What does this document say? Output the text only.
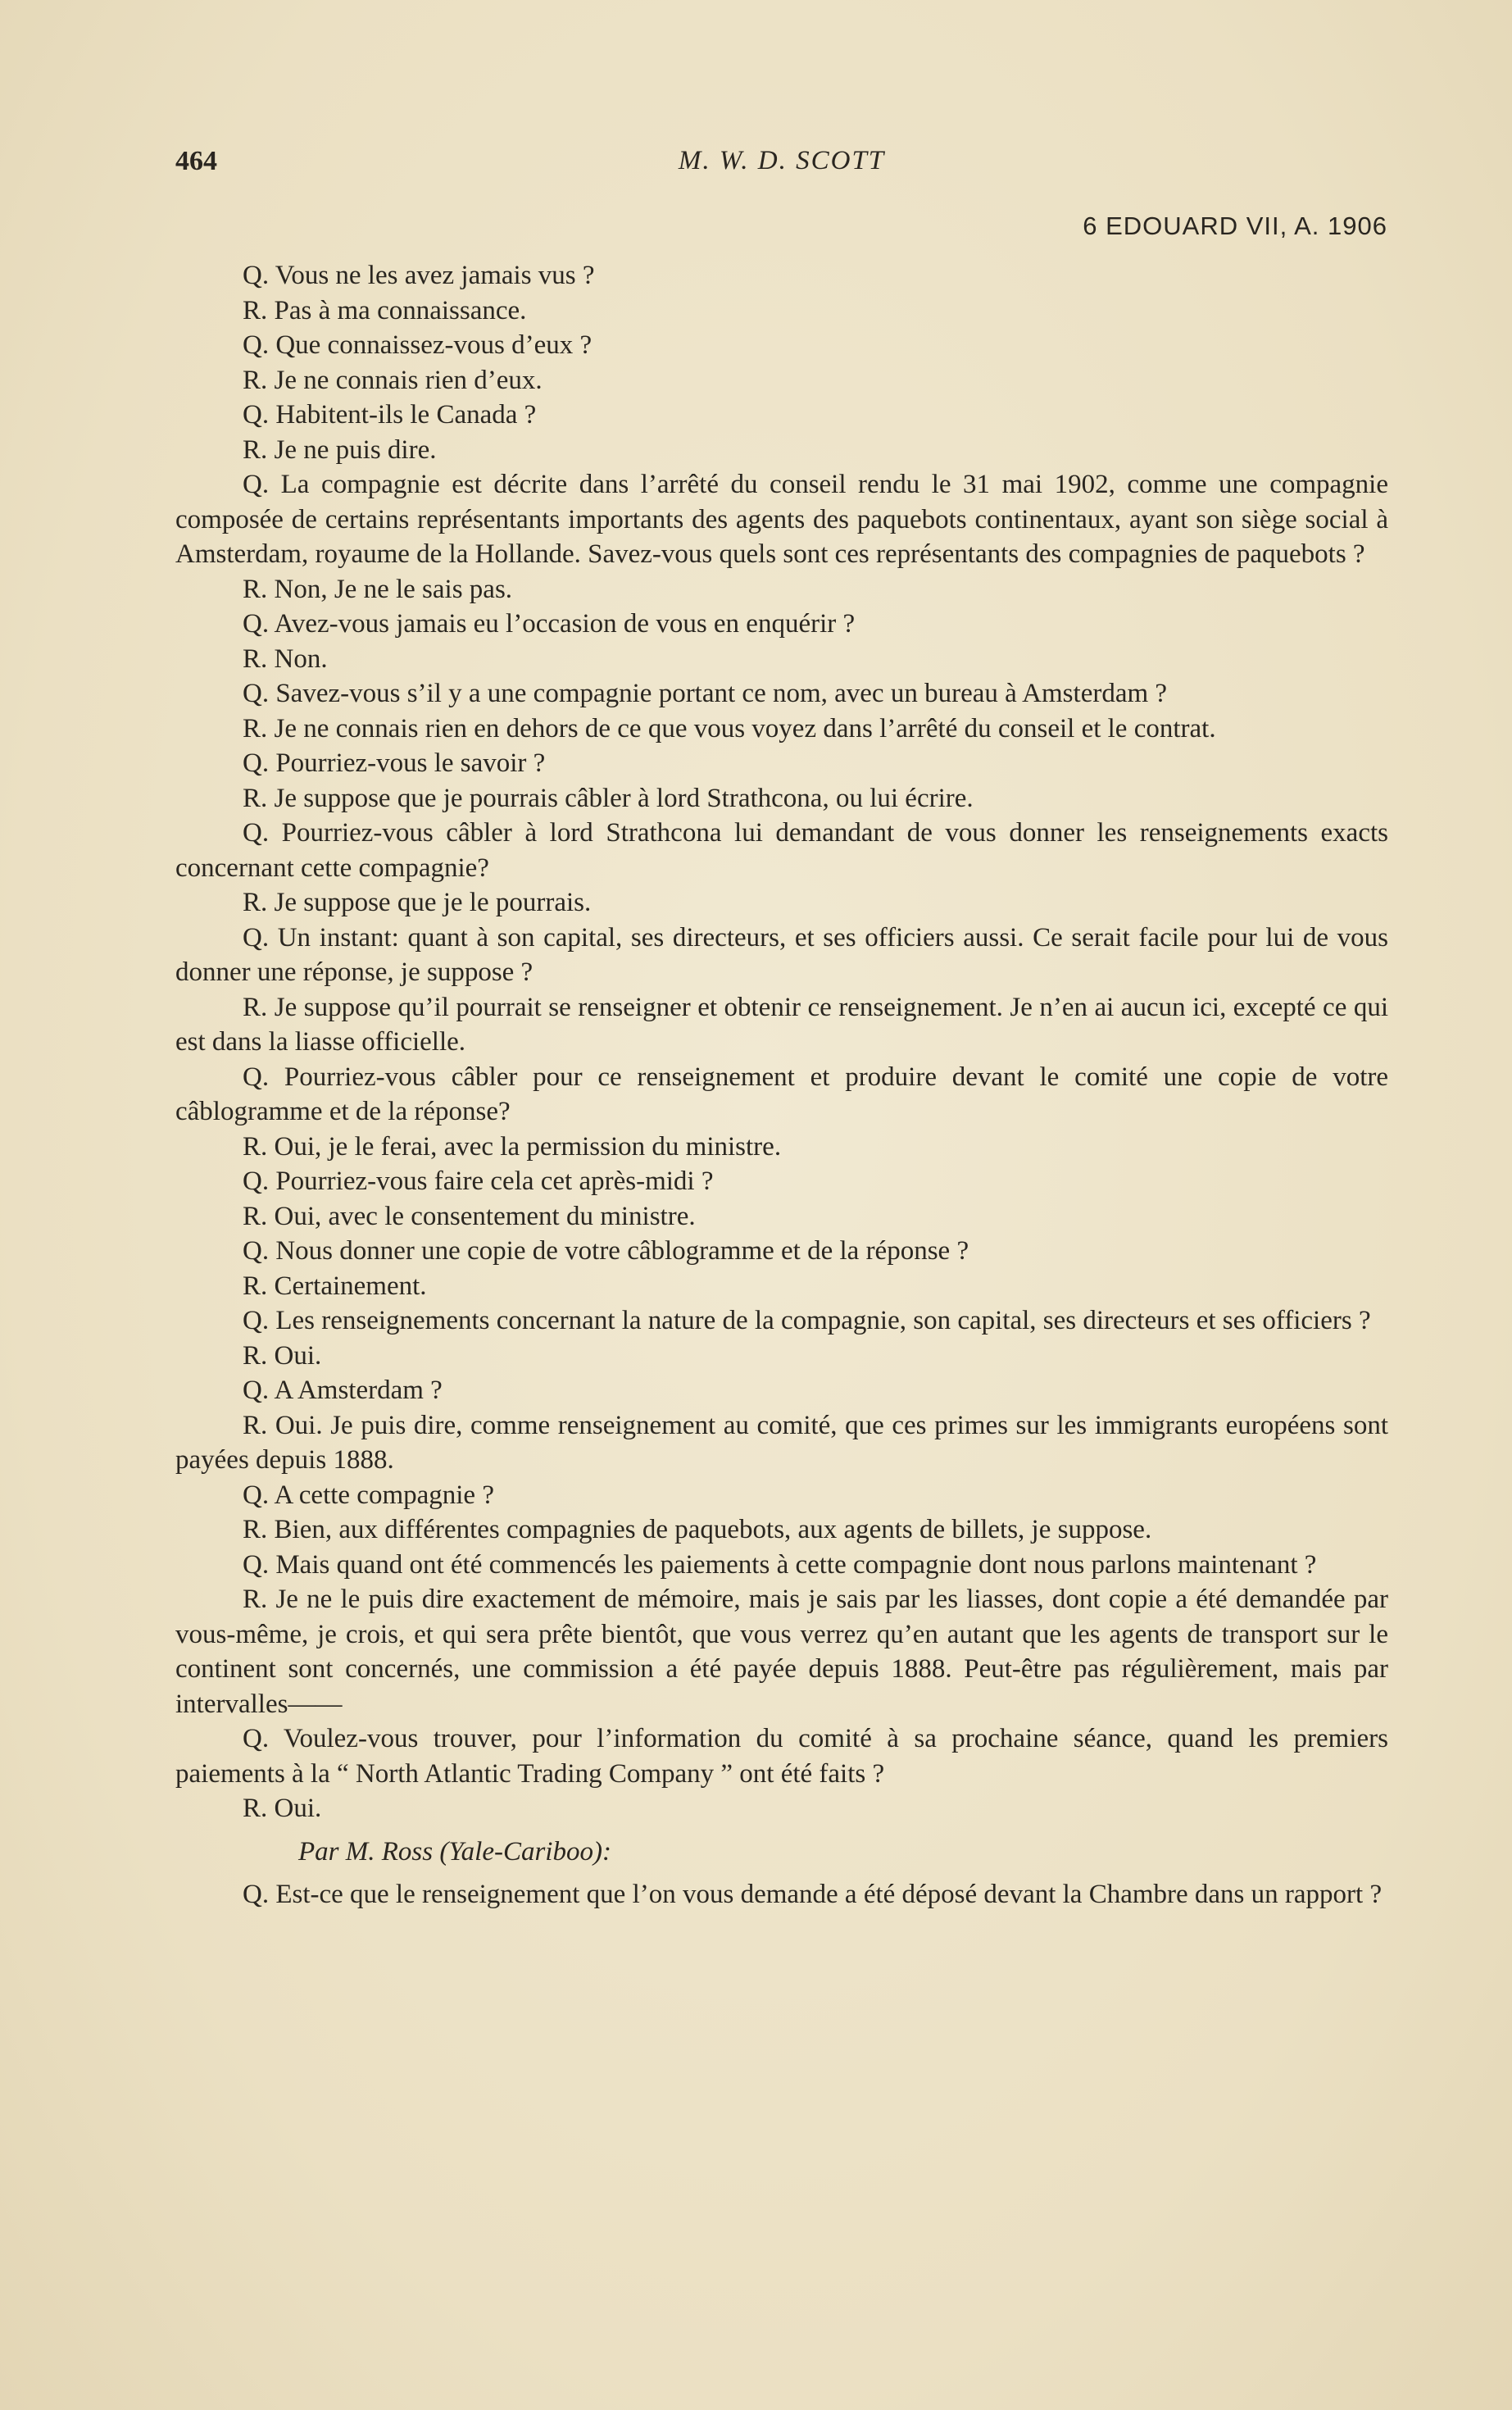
464	M. W. D. SCOTT
6 EDOUARD VII, A. 1906

Q. Vous ne les avez jamais vus ?

R. Pas à ma connaissance.

Q. Que connaissez-vous d’eux ?

R. Je ne connais rien d’eux.

Q. Habitent-ils le Canada ?

R. Je ne puis dire.

Q. La compagnie est décrite dans l’arrêté du conseil rendu le 31 mai 1902, comme une compagnie composée de certains représentants importants des agents des paquebots continentaux, ayant son siège social à Amsterdam, royaume de la Hollande. Savez-vous quels sont ces représentants des compagnies de paquebots ?

R. Non, Je ne le sais pas.

Q. Avez-vous jamais eu l’occasion de vous en enquérir ?

R. Non.

Q. Savez-vous s’il y a une compagnie portant ce nom, avec un bureau à Amsterdam ?

R. Je ne connais rien en dehors de ce que vous voyez dans l’arrêté du conseil et le contrat.

Q. Pourriez-vous le savoir ?

R. Je suppose que je pourrais câbler à lord Strathcona, ou lui écrire.

Q. Pourriez-vous câbler à lord Strathcona lui demandant de vous donner les renseignements exacts concernant cette compagnie?

R. Je suppose que je le pourrais.

Q. Un instant: quant à son capital, ses directeurs, et ses officiers aussi. Ce serait facile pour lui de vous donner une réponse, je suppose ?

R. Je suppose qu’il pourrait se renseigner et obtenir ce renseignement. Je n’en ai aucun ici, excepté ce qui est dans la liasse officielle.

Q. Pourriez-vous câbler pour ce renseignement et produire devant le comité une copie de votre câblogramme et de la réponse?

R. Oui, je le ferai, avec la permission du ministre.

Q. Pourriez-vous faire cela cet après-midi ?

R. Oui, avec le consentement du ministre.

Q. Nous donner une copie de votre câblogramme et de la réponse ?

R. Certainement.

Q. Les renseignements concernant la nature de la compagnie, son capital, ses directeurs et ses officiers ?

R. Oui.

Q. A Amsterdam ?

R. Oui. Je puis dire, comme renseignement au comité, que ces primes sur les immigrants européens sont payées depuis 1888.

Q. A cette compagnie ?

R. Bien, aux différentes compagnies de paquebots, aux agents de billets, je suppose.

Q. Mais quand ont été commencés les paiements à cette compagnie dont nous parlons maintenant ?

R. Je ne le puis dire exactement de mémoire, mais je sais par les liasses, dont copie a été demandée par vous-même, je crois, et qui sera prête bientôt, que vous verrez qu’en autant que les agents de transport sur le continent sont concernés, une commission a été payée depuis 1888. Peut-être pas régulièrement, mais par intervalles——

Q. Voulez-vous trouver, pour l’information du comité à sa prochaine séance, quand les premiers paiements à la “ North Atlantic Trading Company ” ont été faits ?

R. Oui.

Par M. Ross (Yale-Cariboo):

Q. Est-ce que le renseignement que l’on vous demande a été déposé devant la Chambre dans un rapport ?
